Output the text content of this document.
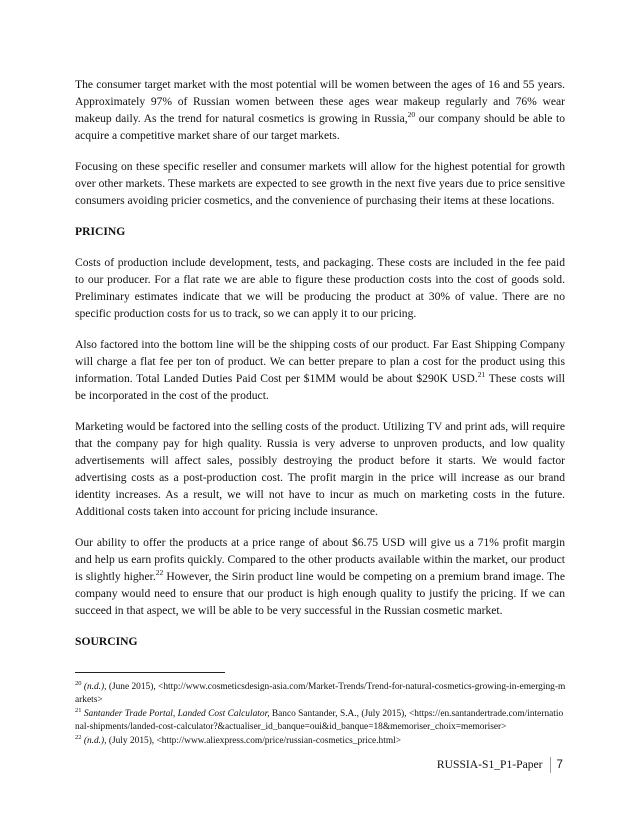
The consumer target market with the most potential will be women between the ages of 16 and 55 years. Approximately 97% of Russian women between these ages wear makeup regularly and 76% wear makeup daily. As the trend for natural cosmetics is growing in Russia,$^{20}$ our company should be able to acquire a competitive market share of our target markets.

Focusing on these specific reseller and consumer markets will allow for the highest potential for growth over other markets. These markets are expected to see growth in the next five years due to price sensitive consumers avoiding pricier cosmetics, and the convenience of purchasing their items at these locations.

PRICING

Costs of production include development, tests, and packaging. These costs are included in the fee paid to our producer. For a flat rate we are able to figure these production costs into the cost of goods sold. Preliminary estimates indicate that we will be producing the product at 30% of value. There are no specific production costs for us to track, so we can apply it to our pricing.

Also factored into the bottom line will be the shipping costs of our product. Far East Shipping Company will charge a flat fee per ton of product. We can better prepare to plan a cost for the product using this information. Total Landed Duties Paid Cost per $1MM would be about $290K USD.$^{21}$ These costs will be incorporated in the cost of the product.

Marketing would be factored into the selling costs of the product. Utilizing TV and print ads, will require that the company pay for high quality. Russia is very adverse to unproven products, and low quality advertisements will affect sales, possibly destroying the product before it starts. We would factor advertising costs as a post-production cost. The profit margin in the price will increase as our brand identity increases. As a result, we will not have to incur as much on marketing costs in the future. Additional costs taken into account for pricing include insurance.

Our ability to offer the products at a price range of about $6.75 USD will give us a 71% profit margin and help us earn profits quickly. Compared to the other products available within the market, our product is slightly higher.$^{22}$ However, the Sirin product line would be competing on a premium brand image. The company would need to ensure that our product is high enough quality to justify the pricing. If we can succeed in that aspect, we will be able to be very successful in the Russian cosmetic market.

SOURCING

$^{20}$ (n.d.), (June 2015), <http://www.cosmeticsdesign-asia.com/Market-Trends/Trend-for-natural-cosmetics-growing-in-emerging-markets>

$^{21}$ Santander Trade Portal, Landed Cost Calculator, Banco Santander, S.A., (July 2015), <https://en.santandertrade.com/international-shipments/landed-cost-calculator?&actualiser_id_banque=oui&id_banque=18&memoriser_choix=memoriser>

$^{22}$ (n.d.), (July 2015), <http://www.aliexpress.com/price/russian-cosmetics_price.html>

RUSSIA-S1_P1-Paper 7
